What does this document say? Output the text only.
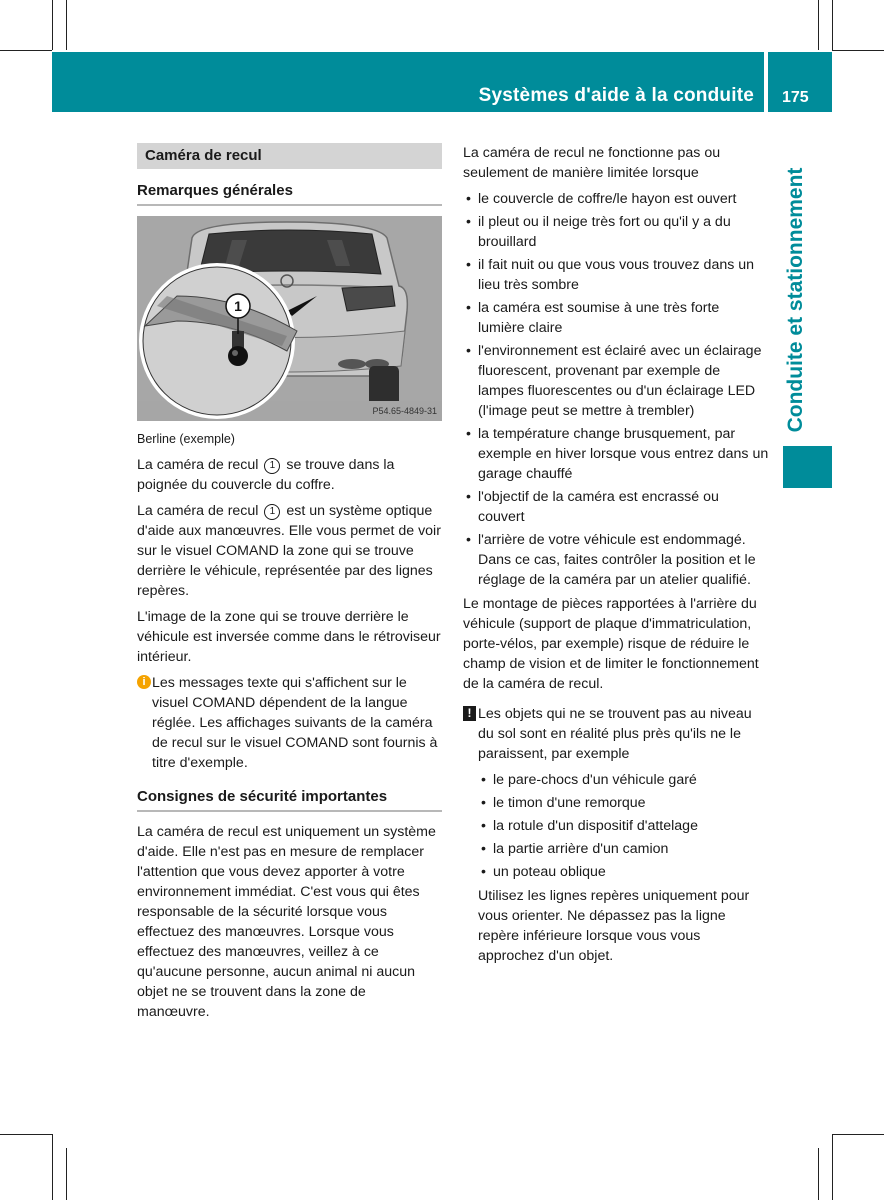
Systèmes d'aide à la conduite 175
Conduite et stationnement
Caméra de recul
Remarques générales
1
P54.65-4849-31
Berline (exemple)

La caméra de recul 1 se trouve dans la poignée du couvercle du coffre.

La caméra de recul 1 est un système optique d'aide aux manœuvres. Elle vous permet de voir sur le visuel COMAND la zone qui se trouve derrière le véhicule, représentée par des lignes repères.

L'image de la zone qui se trouve derrière le véhicule est inversée comme dans le rétroviseur intérieur.

i Les messages texte qui s'affichent sur le visuel COMAND dépendent de la langue réglée. Les affichages suivants de la caméra de recul sur le visuel COMAND sont fournis à titre d'exemple.
Consignes de sécurité importantes

La caméra de recul est uniquement un système d'aide. Elle n'est pas en mesure de remplacer l'attention que vous devez apporter à votre environnement immédiat. C'est vous qui êtes responsable de la sécurité lorsque vous effectuez des manœuvres. Lorsque vous effectuez des manœuvres, veillez à ce qu'aucune personne, aucun animal ni aucun objet ne se trouvent dans la zone de manœuvre.

La caméra de recul ne fonctionne pas ou seulement de manière limitée lorsque

• le couvercle de coffre/le hayon est ouvert
• il pleut ou il neige très fort ou qu'il y a du brouillard
• il fait nuit ou que vous vous trouvez dans un lieu très sombre
• la caméra est soumise à une très forte lumière claire
• l'environnement est éclairé avec un éclairage fluorescent, provenant par exemple de lampes fluorescentes ou d'un éclairage LED (l'image peut se mettre à trembler)
• la température change brusquement, par exemple en hiver lorsque vous entrez dans un garage chauffé
• l'objectif de la caméra est encrassé ou couvert
• l'arrière de votre véhicule est endommagé. Dans ce cas, faites contrôler la position et le réglage de la caméra par un atelier qualifié.

Le montage de pièces rapportées à l'arrière du véhicule (support de plaque d'immatriculation, porte-vélos, par exemple) risque de réduire le champ de vision et de limiter le fonctionnement de la caméra de recul.

! Les objets qui ne se trouvent pas au niveau du sol sont en réalité plus près qu'ils ne le paraissent, par exemple
• le pare-chocs d'un véhicule garé
• le timon d'une remorque
• la rotule d'un dispositif d'attelage
• la partie arrière d'un camion
• un poteau oblique

Utilisez les lignes repères uniquement pour vous orienter. Ne dépassez pas la ligne repère inférieure lorsque vous vous approchez d'un objet.
